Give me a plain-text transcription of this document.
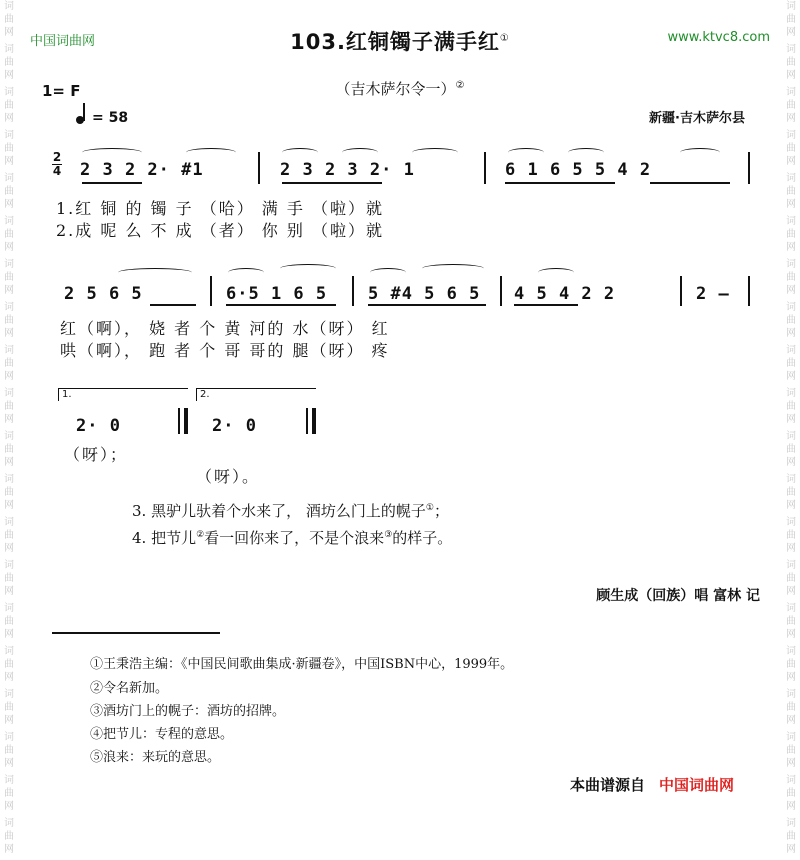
词
曲
网
词
曲
网
词
曲
网
词
曲
网
词
曲
网
词
曲
网
词
曲
网
词
曲
网
词
曲
网
词
曲
网
词
曲
网
词
曲
网
词
曲
网
词
曲
网
词
曲
网
词
曲
网
词
曲
网
词
曲
网
词
曲
网
词
曲
网
词
曲
网
词
曲
网
词
曲
网
词
曲
网
词
曲
网
词
曲
网
词
曲
网
词
曲
网
词
曲
网
词
曲
网
词
曲
网
词
曲
网
词
曲
网
词
曲
网
词
曲
网
词
曲
网
词
曲
网
词
曲
网
词
曲
网
词
曲
网
中国词曲网	www.ktvc8.com
103.红铜镯子满手红①
（吉木萨尔令一）②
1= F
= 58	新疆·吉木萨尔县
2
4 2 3 2 2· #1	2 3 2 3 2· 1	6 1 6 5 5 4 2
1.红 铜 的 镯 子 （哈） 满 手 （啦）就
2.成 呢 么 不 成 （者） 你 别 （啦）就
2 5 6 5	6·5 1 6 5 5 #4 5 6 5 4 5 4 2 2	2 —
红（啊）， 娆 者 个 黄 河的 水（呀） 红
哄（啊）， 跑 者 个 哥 哥的 腿（呀） 疼
1.	2.
2· 0	2· 0
（呀）；
（呀）。
3. 黑驴儿驮着个水来了， 酒坊么门上的幌子①；
4. 把节儿②看一回你来了，不是个浪来③的样子。
顾生成（回族）唱 富林 记
①王秉浩主编：《中国民间歌曲集成·新疆卷》，中国ISBN中心，1999年。
②令名新加。
③酒坊门上的幌子：酒坊的招牌。
④把节儿：专程的意思。
⑤浪来：来玩的意思。
本曲谱源自 中国词曲网
